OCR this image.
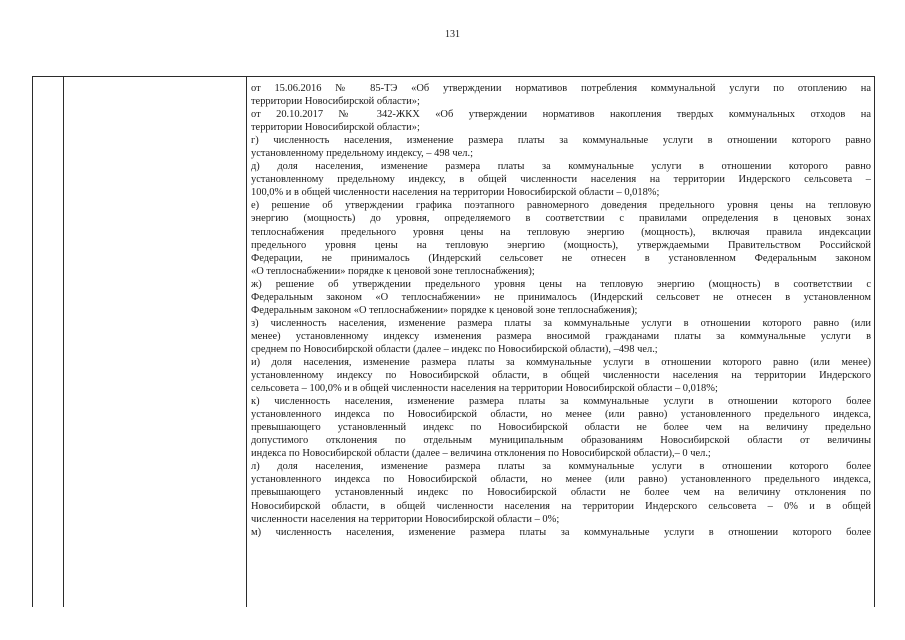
131
от 15.06.2016 № 85-ТЭ «Об утверждении нормативов потребления коммунальной услуги по отоплению на
территории Новосибирской области»;
от 20.10.2017 № 342-ЖКХ «Об утверждении нормативов накопления твердых коммунальных отходов на
территории Новосибирской области»;
г) численность населения, изменение размера платы за коммунальные услуги в отношении которого равно
установленному предельному индексу, – 498 чел.;
д) доля населения, изменение размера платы за коммунальные услуги в отношении которого равно
установленному предельному индексу, в общей численности населения на территории Индерского сельсовета –
100,0% и в общей численности населения на территории Новосибирской области – 0,018%;
е) решение об утверждении графика поэтапного равномерного доведения предельного уровня цены на тепловую
энергию (мощность) до уровня, определяемого в соответствии с правилами определения в ценовых зонах
теплоснабжения предельного уровня цены на тепловую энергию (мощность), включая правила индексации
предельного уровня цены на тепловую энергию (мощность), утверждаемыми Правительством Российской
Федерации, не принималось (Индерский сельсовет не отнесен в установленном Федеральным законом
«О теплоснабжении» порядке к ценовой зоне теплоснабжения);
ж) решение об утверждении предельного уровня цены на тепловую энергию (мощность) в соответствии с
Федеральным законом «О теплоснабжении» не принималось (Индерский сельсовет не отнесен в установленном
Федеральным законом «О теплоснабжении» порядке к ценовой зоне теплоснабжения);
з) численность населения, изменение размера платы за коммунальные услуги в отношении которого равно (или
менее) установленному индексу изменения размера вносимой гражданами платы за коммунальные услуги в
среднем по Новосибирской области (далее – индекс по Новосибирской области), –498 чел.;
и) доля населения, изменение размера платы за коммунальные услуги в отношении которого равно (или менее)
установленному индексу по Новосибирской области, в общей численности населения на территории Индерского
сельсовета – 100,0% и в общей численности населения на территории Новосибирской области – 0,018%;
к) численность населения, изменение размера платы за коммунальные услуги в отношении которого более
установленного индекса по Новосибирской области, но менее (или равно) установленного предельного индекса,
превышающего установленный индекс по Новосибирской области не более чем на величину предельно
допустимого отклонения по отдельным муниципальным образованиям Новосибирской области от величины
индекса по Новосибирской области (далее – величина отклонения по Новосибирской области),– 0 чел.;
л) доля населения, изменение размера платы за коммунальные услуги в отношении которого более
установленного индекса по Новосибирской области, но менее (или равно) установленного предельного индекса,
превышающего установленный индекс по Новосибирской области не более чем на величину отклонения по
Новосибирской области, в общей численности населения на территории Индерского сельсовета – 0% и в общей
численности населения на территории Новосибирской области – 0%;
м) численность населения, изменение размера платы за коммунальные услуги в отношении которого более
